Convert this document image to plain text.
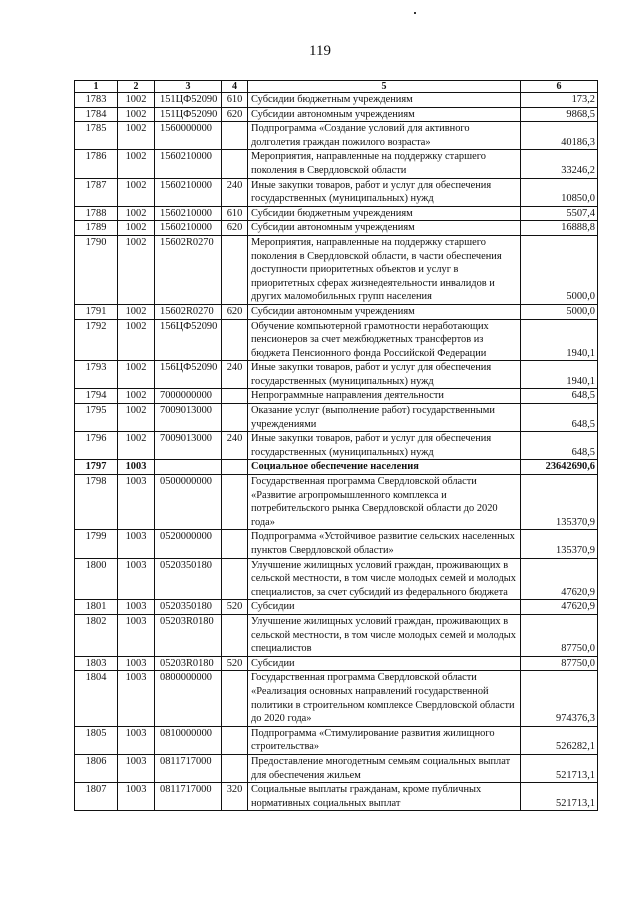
119
1	2	3	4	5	6
1783	1002	151ЦФ52090	610	Субсидии бюджетным учреждениям	173,2
1784	1002	151ЦФ52090	620	Субсидии автономным учреждениям	9868,5
1785	1002	1560000000		Подпрограмма «Создание условий для активного долголетия граждан пожилого возраста»	40186,3
1786	1002	1560210000		Мероприятия, направленные на поддержку старшего поколения в Свердловской области	33246,2
1787	1002	1560210000	240	Иные закупки товаров, работ и услуг для обеспечения государственных (муниципальных) нужд	10850,0
1788	1002	1560210000	610	Субсидии бюджетным учреждениям	5507,4
1789	1002	1560210000	620	Субсидии автономным учреждениям	16888,8
1790	1002	15602R0270		Мероприятия, направленные на поддержку старшего поколения в Свердловской области, в части обеспечения доступности приоритетных объектов и услуг в приоритетных сферах жизнедеятельности инвалидов и других маломобильных групп населения	5000,0
1791	1002	15602R0270	620	Субсидии автономным учреждениям	5000,0
1792	1002	156ЦФ52090		Обучение компьютерной грамотности неработающих пенсионеров за счет межбюджетных трансфертов из бюджета Пенсионного фонда Российской Федерации	1940,1
1793	1002	156ЦФ52090	240	Иные закупки товаров, работ и услуг для обеспечения государственных (муниципальных) нужд	1940,1
1794	1002	7000000000		Непрограммные направления деятельности	648,5
1795	1002	7009013000		Оказание услуг (выполнение работ) государственными учреждениями	648,5
1796	1002	7009013000	240	Иные закупки товаров, работ и услуг для обеспечения государственных (муниципальных) нужд	648,5
1797	1003			Социальное обеспечение населения	23642690,6
1798	1003	0500000000		Государственная программа Свердловской области «Развитие агропромышленного комплекса и потребительского рынка Свердловской области до 2020 года»	135370,9
1799	1003	0520000000		Подпрограмма «Устойчивое развитие сельских населенных пунктов Свердловской области»	135370,9
1800	1003	0520350180		Улучшение жилищных условий граждан, проживающих в сельской местности, в том числе молодых семей и молодых специалистов, за счет субсидий из федерального бюджета	47620,9
1801	1003	0520350180	520	Субсидии	47620,9
1802	1003	05203R0180		Улучшение жилищных условий граждан, проживающих в сельской местности, в том числе молодых семей и молодых специалистов	87750,0
1803	1003	05203R0180	520	Субсидии	87750,0
1804	1003	0800000000		Государственная программа Свердловской области «Реализация основных направлений государственной политики в строительном комплексе Свердловской области до 2020 года»	974376,3
1805	1003	0810000000		Подпрограмма «Стимулирование развития жилищного строительства»	526282,1
1806	1003	0811717000		Предоставление многодетным семьям социальных выплат для обеспечения жильем	521713,1
1807	1003	0811717000	320	Социальные выплаты гражданам, кроме публичных нормативных социальных выплат	521713,1
